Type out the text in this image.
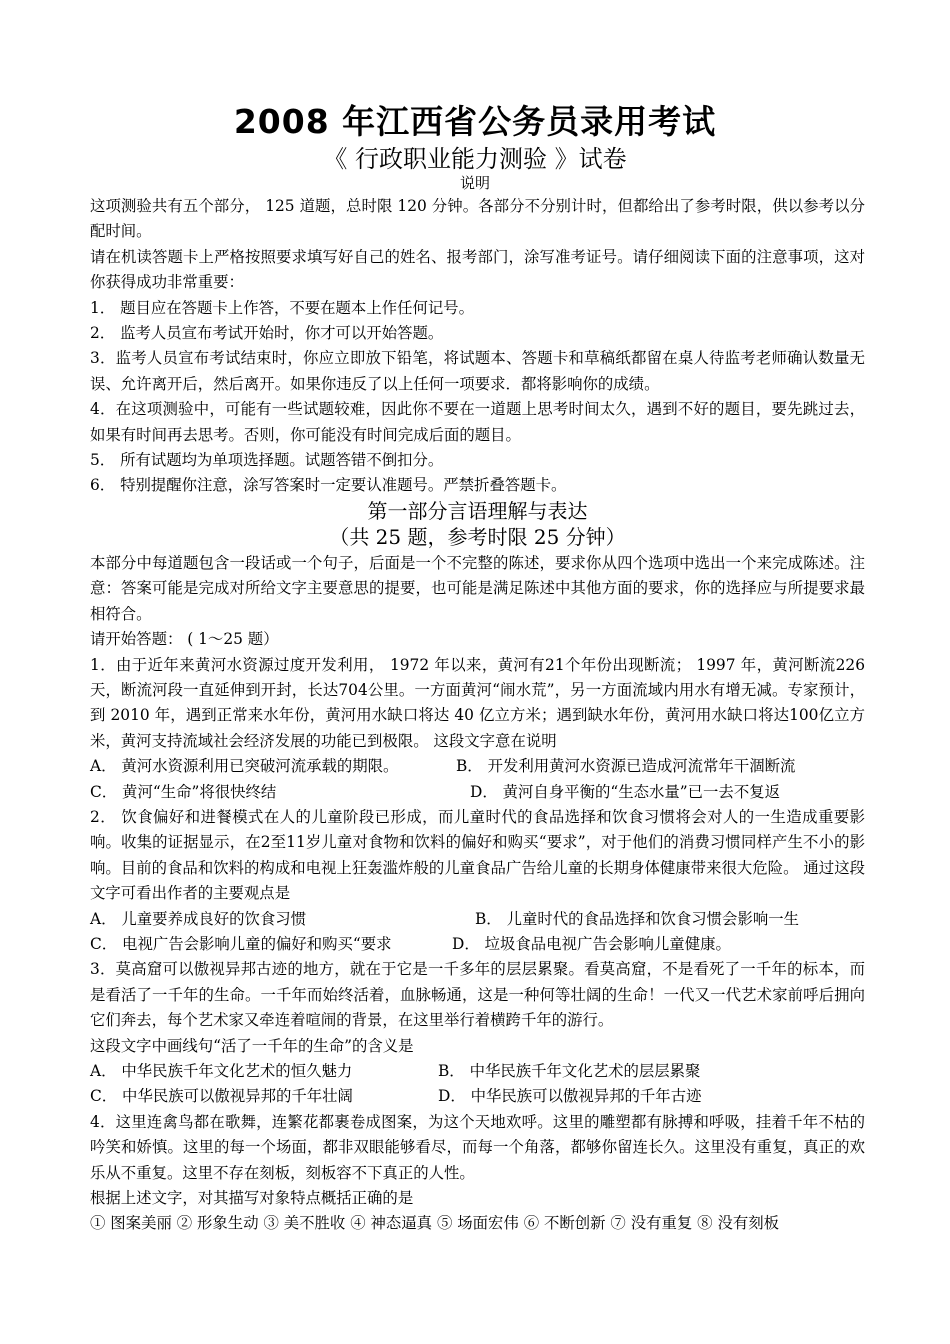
2008 年江西省公务员录用考试
《 行政职业能力测验 》试卷
说明

这项测验共有五个部分， 125 道题，总时限 120 分钟。各部分不分别计时，但都给出了参考时限，供以参考以分配时间。

请在机读答题卡上严格按照要求填写好自己的姓名、报考部门，涂写准考证号。请仔细阅读下面的注意事项，这对你获得成功非常重要：

1． 题目应在答题卡上作答，不要在题本上作任何记号。

2． 监考人员宣布考试开始时，你才可以开始答题。

3．监考人员宣布考试结束时，你应立即放下铅笔，将试题本、答题卡和草稿纸都留在桌人待监考老师确认数量无误、允许离开后，然后离开。如果你违反了以上任何一项要求．都将影响你的成绩。

4．在这项测验中，可能有一些试题较难，因此你不要在一道题上思考时间太久，遇到不好的题目，要先跳过去，如果有时间再去思考。否则，你可能没有时间完成后面的题目。

5． 所有试题均为单项选择题。试题答错不倒扣分。

6． 特别提醒你注意，涂写答案时一定要认准题号。严禁折叠答题卡。

第一部分言语理解与表达
（共 25 题，参考时限 25 分钟）

本部分中每道题包含一段话或一个句子，后面是一个不完整的陈述，要求你从四个选项中选出一个来完成陈述。注意：答案可能是完成对所给文字主要意思的提要，也可能是满足陈述中其他方面的要求，你的选择应与所提要求最相符合。

请开始答题： ( 1～25 题）

1．由于近年来黄河水资源过度开发利用， 1972 年以来，黄河有21个年份出现断流； 1997 年，黄河断流226天，断流河段一直延伸到开封，长达704公里。一方面黄河“闹水荒”，另一方面流域内用水有增无减。专家预计，到 2010 年，遇到正常来水年份，黄河用水缺口将达 40 亿立方米；遇到缺水年份，黄河用水缺口将达100亿立方米，黄河支持流域社会经济发展的功能已到极限。 这段文字意在说明

A． 黄河水资源利用已突破河流承载的期限。	B． 开发利用黄河水资源已造成河流常年干涸断流
C． 黄河“生命”将很快终结	D． 黄河自身平衡的“生态水量”已一去不复返

2． 饮食偏好和进餐模式在人的儿童阶段已形成，而儿童时代的食品选择和饮食习惯将会对人的一生造成重要影响。收集的证据显示，在2至11岁儿童对食物和饮料的偏好和购买“要求”，对于他们的消费习惯同样产生不小的影响。目前的食品和饮料的构成和电视上狂轰滥炸般的儿童食品广告给儿童的长期身体健康带来很大危险。 通过这段文字可看出作者的主要观点是

A． 儿童要养成良好的饮食习惯	B． 儿童时代的食品选择和饮食习惯会影响一生
C． 电视广告会影响儿童的偏好和购买“要求	D． 垃圾食品电视广告会影响儿童健康。

3．莫高窟可以傲视异邦古迹的地方，就在于它是一千多年的层层累聚。看莫高窟，不是看死了一千年的标本，而是看活了一千年的生命。一千年而始终活着，血脉畅通，这是一种何等壮阔的生命！一代又一代艺术家前呼后拥向它们奔去，每个艺术家又牵连着喧闹的背景，在这里举行着横跨千年的游行。

这段文字中画线句“活了一千年的生命”的含义是

A． 中华民族千年文化艺术的恒久魅力	B． 中华民族千年文化艺术的层层累聚
C． 中华民族可以傲视异邦的千年壮阔	D． 中华民族可以傲视异邦的千年古迹

4．这里连禽鸟都在歌舞，连繁花都裹卷成图案，为这个天地欢呼。这里的雕塑都有脉搏和呼吸，挂着千年不枯的吟笑和娇慎。这里的每一个场面，都非双眼能够看尽，而每一个角落，都够你留连长久。这里没有重复，真正的欢乐从不重复。这里不存在刻板，刻板容不下真正的人性。

根据上述文字，对其描写对象特点概括正确的是

① 图案美丽 ② 形象生动 ③ 美不胜收 ④ 神态逼真 ⑤ 场面宏伟 ⑥ 不断创新 ⑦ 没有重复 ⑧ 没有刻板
